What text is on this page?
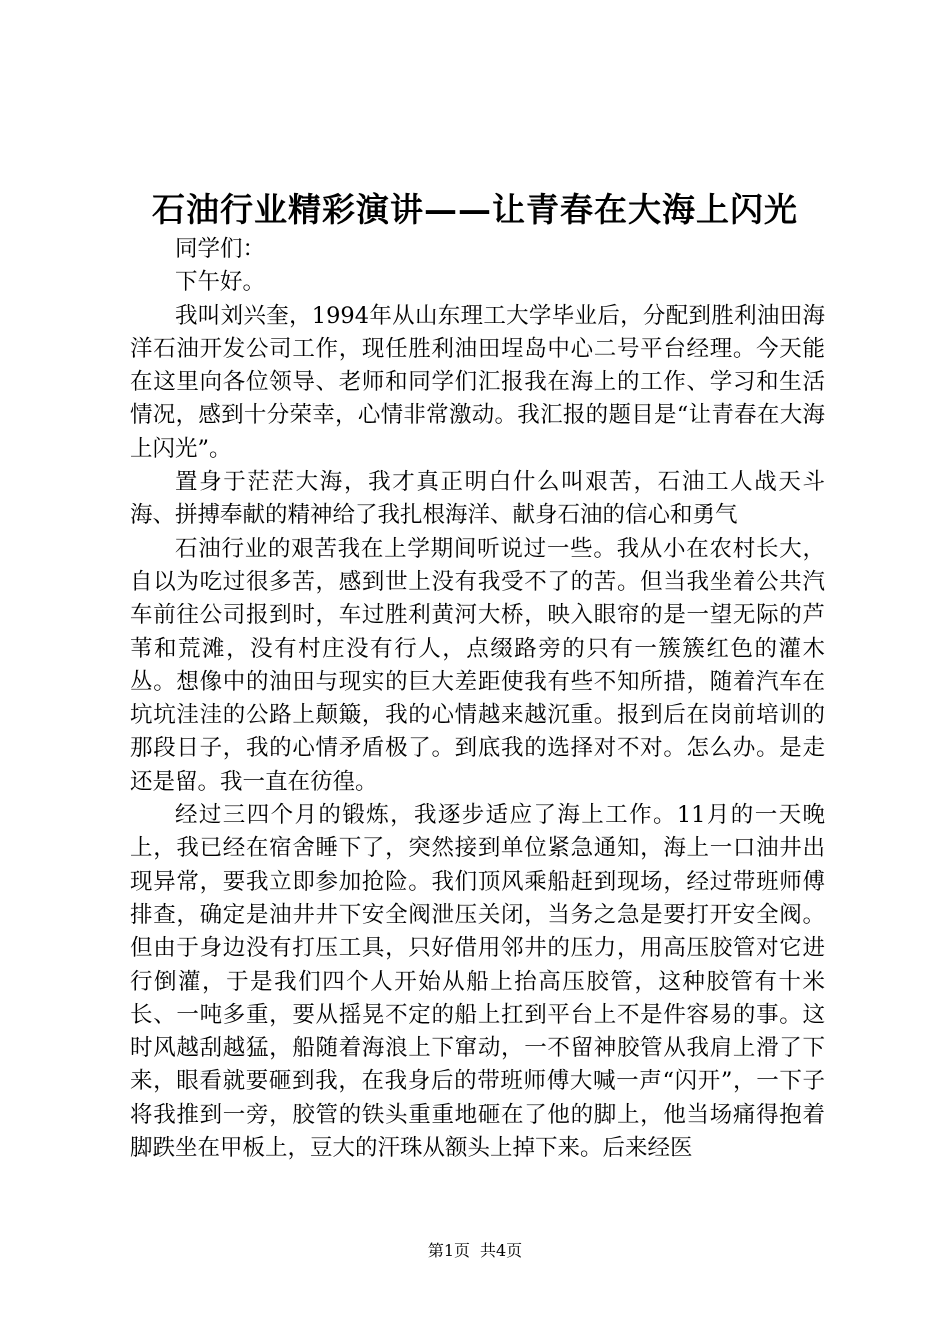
石油行业精彩演讲——让青春在大海上闪光

同学们：

下午好。

我叫刘兴奎，1994年从山东理工大学毕业后，分配到胜利油田海洋石油开发公司工作，现任胜利油田埕岛中心二号平台经理。今天能在这里向各位领导、老师和同学们汇报我在海上的工作、学习和生活情况，感到十分荣幸，心情非常激动。我汇报的题目是“让青春在大海上闪光”。

置身于茫茫大海，我才真正明白什么叫艰苦，石油工人战天斗海、拼搏奉献的精神给了我扎根海洋、献身石油的信心和勇气

石油行业的艰苦我在上学期间听说过一些。我从小在农村长大，自以为吃过很多苦，感到世上没有我受不了的苦。但当我坐着公共汽车前往公司报到时，车过胜利黄河大桥，映入眼帘的是一望无际的芦苇和荒滩，没有村庄没有行人，点缀路旁的只有一簇簇红色的灌木丛。想像中的油田与现实的巨大差距使我有些不知所措，随着汽车在坑坑洼洼的公路上颠簸，我的心情越来越沉重。报到后在岗前培训的那段日子，我的心情矛盾极了。到底我的选择对不对。怎么办。是走还是留。我一直在彷徨。

经过三四个月的锻炼，我逐步适应了海上工作。11月的一天晚上，我已经在宿舍睡下了，突然接到单位紧急通知，海上一口油井出现异常，要我立即参加抢险。我们顶风乘船赶到现场，经过带班师傅排查，确定是油井井下安全阀泄压关闭，当务之急是要打开安全阀。但由于身边没有打压工具，只好借用邻井的压力，用高压胶管对它进行倒灌，于是我们四个人开始从船上抬高压胶管，这种胶管有十米长、一吨多重，要从摇晃不定的船上扛到平台上不是件容易的事。这时风越刮越猛，船随着海浪上下窜动，一不留神胶管从我肩上滑了下来，眼看就要砸到我，在我身后的带班师傅大喊一声“闪开”，一下子将我推到一旁，胶管的铁头重重地砸在了他的脚上，他当场痛得抱着脚跌坐在甲板上，豆大的汗珠从额头上掉下来。后来经医

第1页 共4页
